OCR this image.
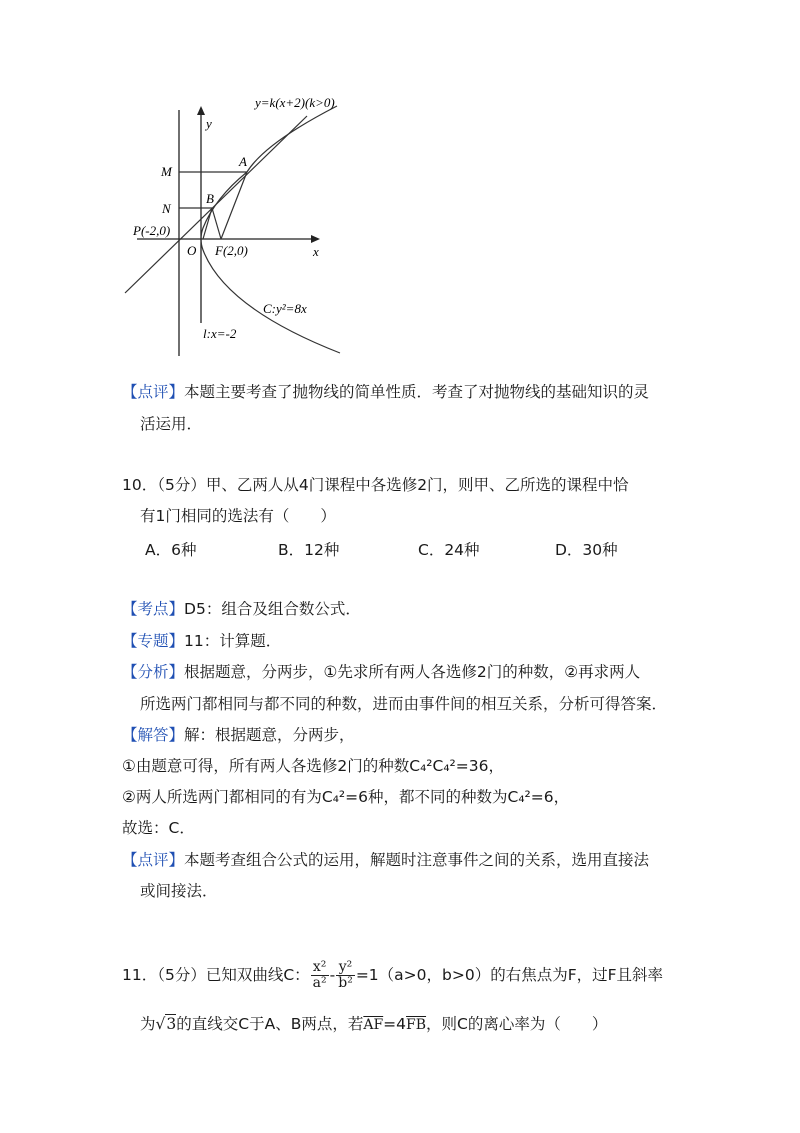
y=k(x+2)(k>0)
y
x
M
N
A
B
P(-2,0)
O F(2,0)
C:y²=8x
l:x=-2
【点评】本题主要考查了抛物线的简单性质．考查了对抛物线的基础知识的灵
活运用．
10．（5分）甲、乙两人从4门课程中各选修2门，则甲、乙所选的课程中恰
有1门相同的选法有（　　）
A．6种	B．12种	C．24种	D．30种
【考点】D5：组合及组合数公式．
【专题】11：计算题．
【分析】根据题意，分两步，①先求所有两人各选修2门的种数，②再求两人
所选两门都相同与都不同的种数，进而由事件间的相互关系，分析可得答案．
【解答】解：根据题意，分两步，
①由题意可得，所有两人各选修2门的种数C₄²C₄²=36，
②两人所选两门都相同的有为C₄²=6种，都不同的种数为C₄²=6，
故选：C．
【点评】本题考查组合公式的运用，解题时注意事件之间的关系，选用直接法
或间接法．
11．（5分）已知双曲线C： $\frac{\text{x²}}{\text{a²}} - \frac{\text{y²}}{\text{b²}} =1(a>0$，b>0）的右焦点为F，过F且斜率
为√3的直线交C于A、B两点，若$\overline{AF}=4\overline{FB}$，则C的离心率为（　　）
